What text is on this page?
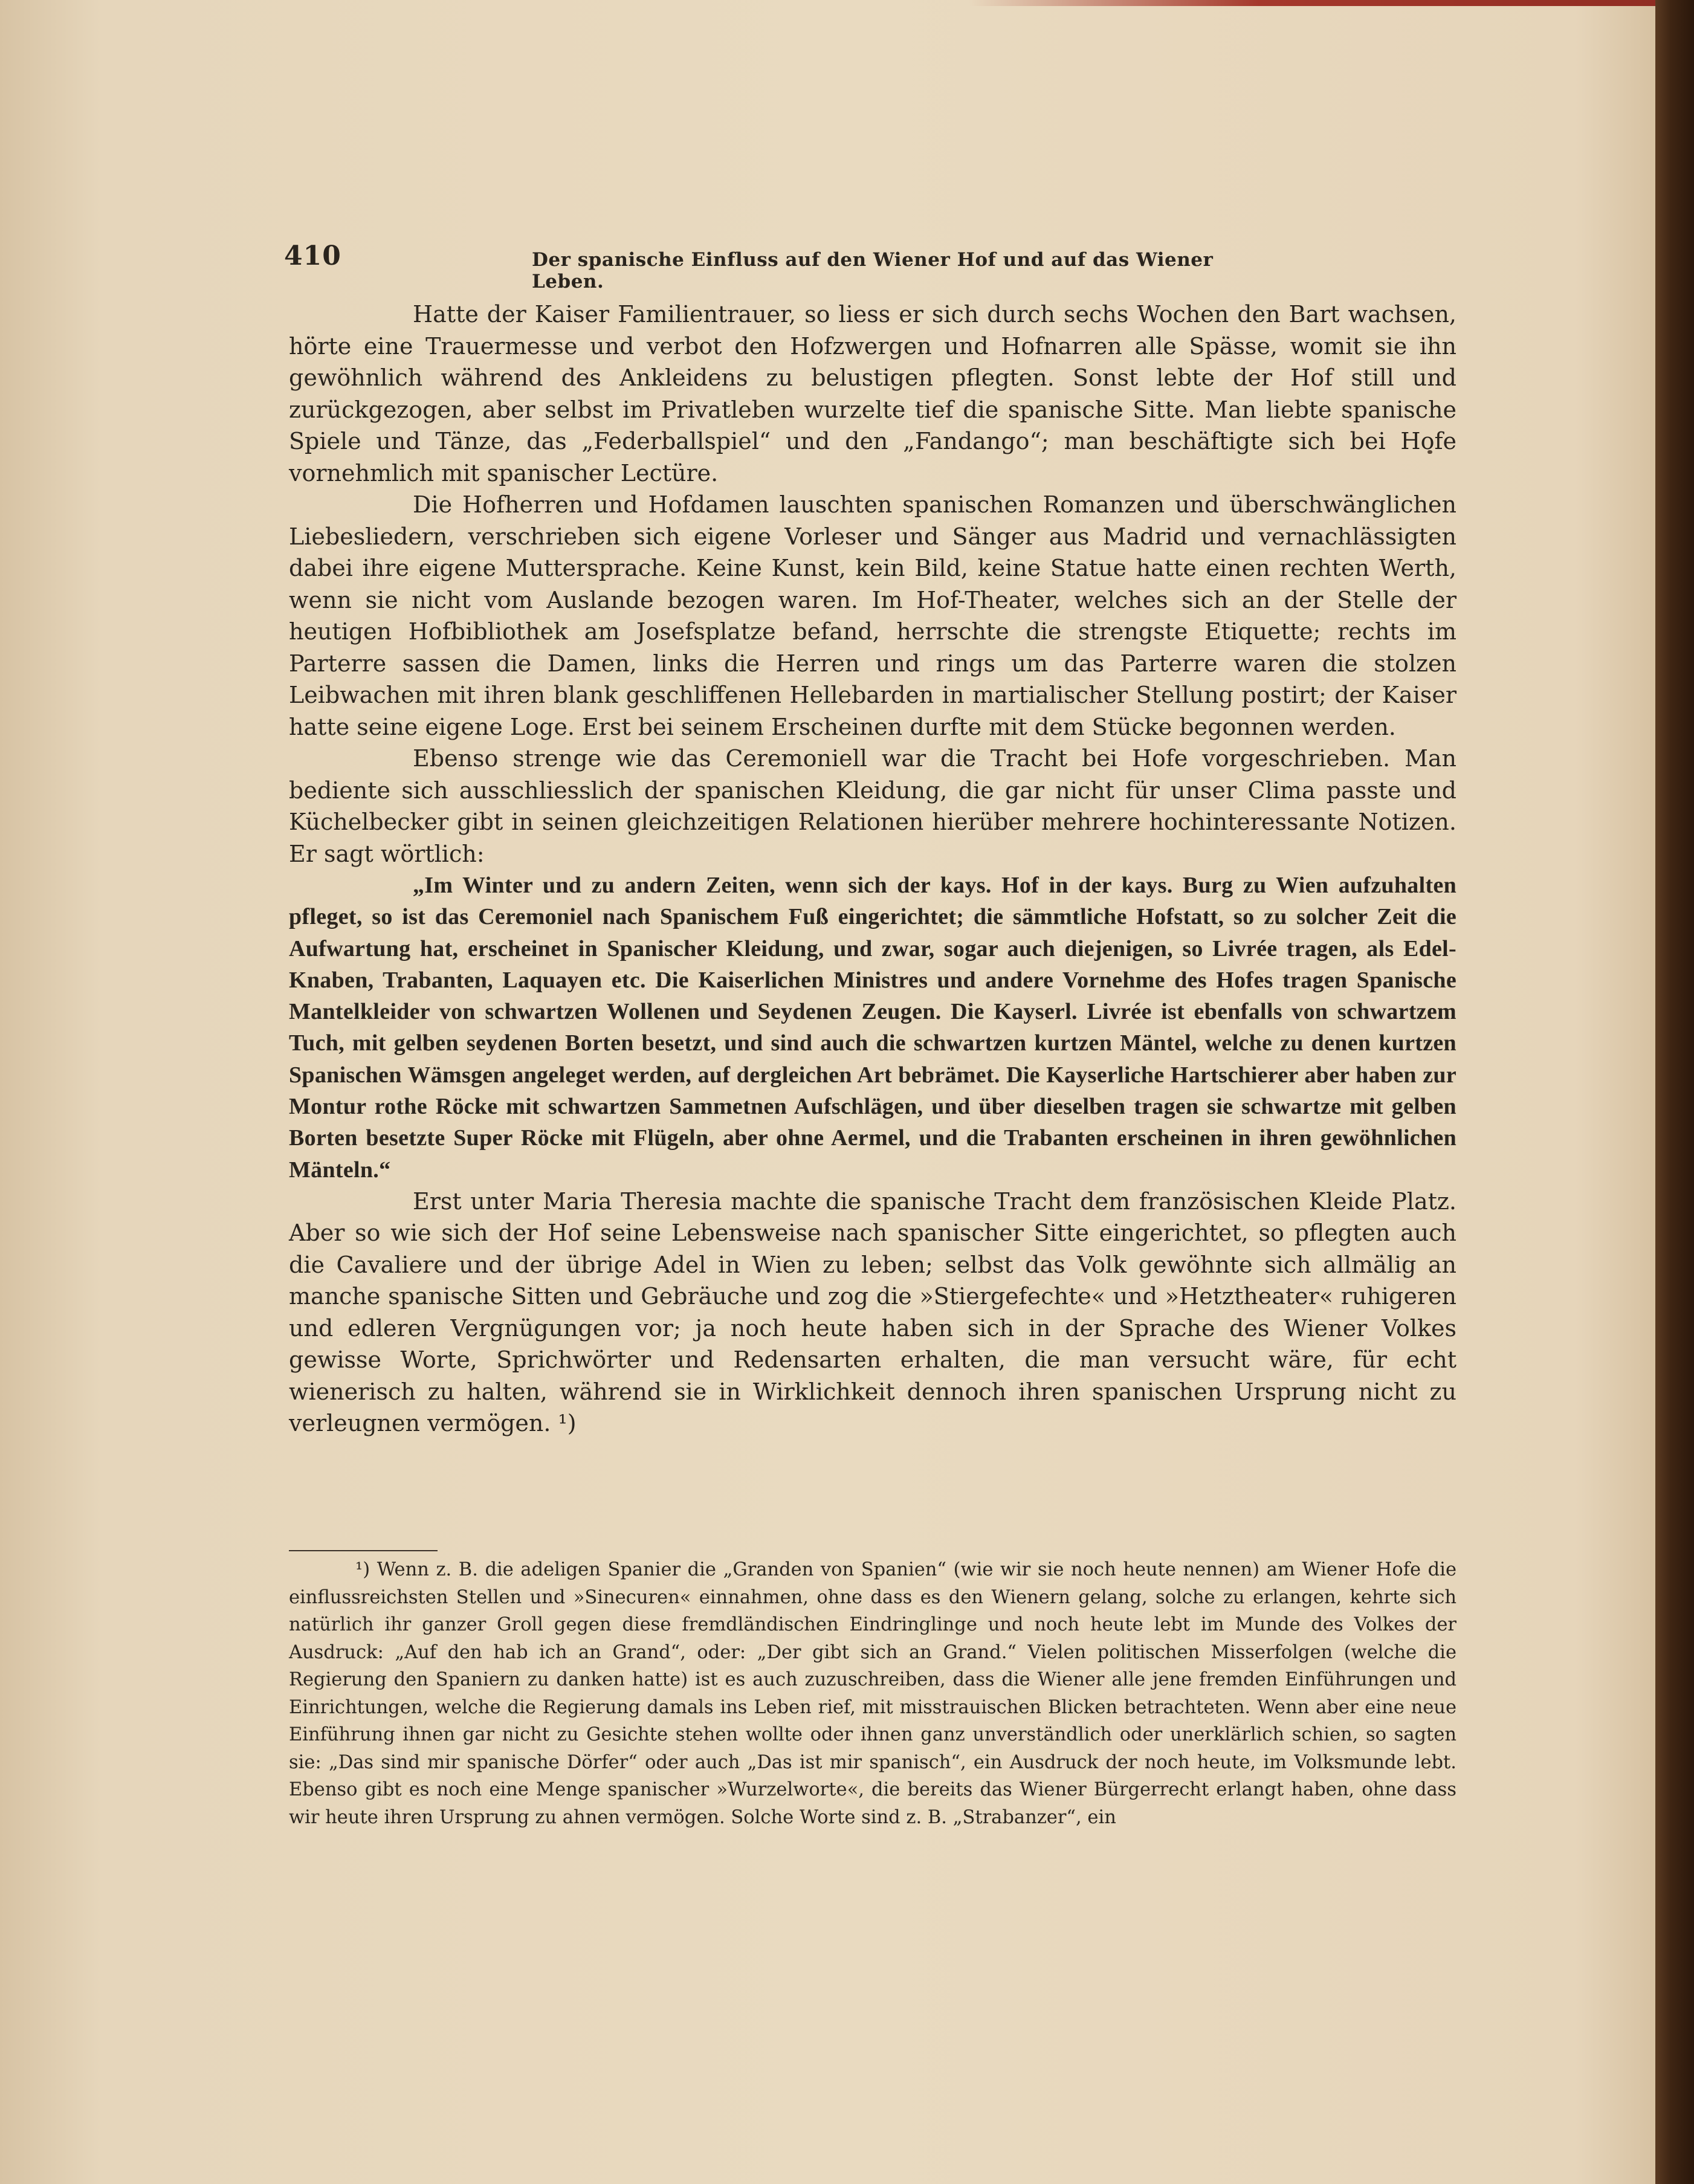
410	Der spanische Einfluss auf den Wiener Hof und auf das Wiener Leben.

Hatte der Kaiser Familientrauer, so liess er sich durch sechs Wochen den Bart wachsen, hörte eine Trauermesse und verbot den Hofzwergen und Hofnarren alle Spässe, womit sie ihn gewöhnlich während des Ankleidens zu belustigen pflegten. Sonst lebte der Hof still und zurückgezogen, aber selbst im Privatleben wurzelte tief die spanische Sitte. Man liebte spanische Spiele und Tänze, das „Federballspiel“ und den „Fandango“; man beschäftigte sich bei Hofe vornehmlich mit spanischer Lectüre.

Die Hofherren und Hofdamen lauschten spanischen Romanzen und überschwänglichen Liebesliedern, verschrieben sich eigene Vorleser und Sänger aus Madrid und vernachlässigten dabei ihre eigene Muttersprache. Keine Kunst, kein Bild, keine Statue hatte einen rechten Werth, wenn sie nicht vom Auslande bezogen waren. Im Hof-Theater, welches sich an der Stelle der heutigen Hofbibliothek am Josefsplatze befand, herrschte die strengste Etiquette; rechts im Parterre sassen die Damen, links die Herren und rings um das Parterre waren die stolzen Leibwachen mit ihren blank geschliffenen Hellebarden in martialischer Stellung postirt; der Kaiser hatte seine eigene Loge. Erst bei seinem Erscheinen durfte mit dem Stücke begonnen werden.

Ebenso strenge wie das Ceremoniell war die Tracht bei Hofe vorgeschrieben. Man bediente sich ausschliesslich der spanischen Kleidung, die gar nicht für unser Clima passte und Küchelbecker gibt in seinen gleichzeitigen Relationen hierüber mehrere hochinteressante Notizen. Er sagt wörtlich:

„Im Winter und zu andern Zeiten, wenn sich der kays. Hof in der kays. Burg zu Wien aufzuhalten pfleget, so ist das Ceremoniel nach Spanischem Fuß eingerichtet; die sämmtliche Hofstatt, so zu solcher Zeit die Aufwartung hat, erscheinet in Spanischer Kleidung, und zwar, sogar auch diejenigen, so Livrée tragen, als Edel-Knaben, Trabanten, Laquayen etc. Die Kaiserlichen Ministres und andere Vornehme des Hofes tragen Spanische Mantelkleider von schwartzen Wollenen und Seydenen Zeugen. Die Kayserl. Livrée ist ebenfalls von schwartzem Tuch, mit gelben seydenen Borten besetzt, und sind auch die schwartzen kurtzen Mäntel, welche zu denen kurtzen Spanischen Wämsgen angeleget werden, auf dergleichen Art bebrämet. Die Kayserliche Hartschierer aber haben zur Montur rothe Röcke mit schwartzen Sammetnen Aufschlägen, und über dieselben tragen sie schwartze mit gelben Borten besetzte Super Röcke mit Flügeln, aber ohne Aermel, und die Trabanten erscheinen in ihren gewöhnlichen Mänteln.“

Erst unter Maria Theresia machte die spanische Tracht dem französischen Kleide Platz. Aber so wie sich der Hof seine Lebensweise nach spanischer Sitte eingerichtet, so pflegten auch die Cavaliere und der übrige Adel in Wien zu leben; selbst das Volk gewöhnte sich allmälig an manche spanische Sitten und Gebräuche und zog die »Stiergefechte« und »Hetztheater« ruhigeren und edleren Vergnügungen vor; ja noch heute haben sich in der Sprache des Wiener Volkes gewisse Worte, Sprichwörter und Redensarten erhalten, die man versucht wäre, für echt wienerisch zu halten, während sie in Wirklichkeit dennoch ihren spanischen Ursprung nicht zu verleugnen vermögen. ¹)

¹) Wenn z. B. die adeligen Spanier die „Granden von Spanien“ (wie wir sie noch heute nennen) am Wiener Hofe die einflussreichsten Stellen und »Sinecuren« einnahmen, ohne dass es den Wienern gelang, solche zu erlangen, kehrte sich natürlich ihr ganzer Groll gegen diese fremdländischen Eindringlinge und noch heute lebt im Munde des Volkes der Ausdruck: „Auf den hab ich an Grand“, oder: „Der gibt sich an Grand.“ Vielen politischen Misserfolgen (welche die Regierung den Spaniern zu danken hatte) ist es auch zuzuschreiben, dass die Wiener alle jene fremden Einführungen und Einrichtungen, welche die Regierung damals ins Leben rief, mit misstrauischen Blicken betrachteten. Wenn aber eine neue Einführung ihnen gar nicht zu Gesichte stehen wollte oder ihnen ganz unverständlich oder unerklärlich schien, so sagten sie: „Das sind mir spanische Dörfer“ oder auch „Das ist mir spanisch“, ein Ausdruck der noch heute, im Volksmunde lebt. Ebenso gibt es noch eine Menge spanischer »Wurzelworte«, die bereits das Wiener Bürgerrecht erlangt haben, ohne dass wir heute ihren Ursprung zu ahnen vermögen. Solche Worte sind z. B. „Strabanzer“, ein
